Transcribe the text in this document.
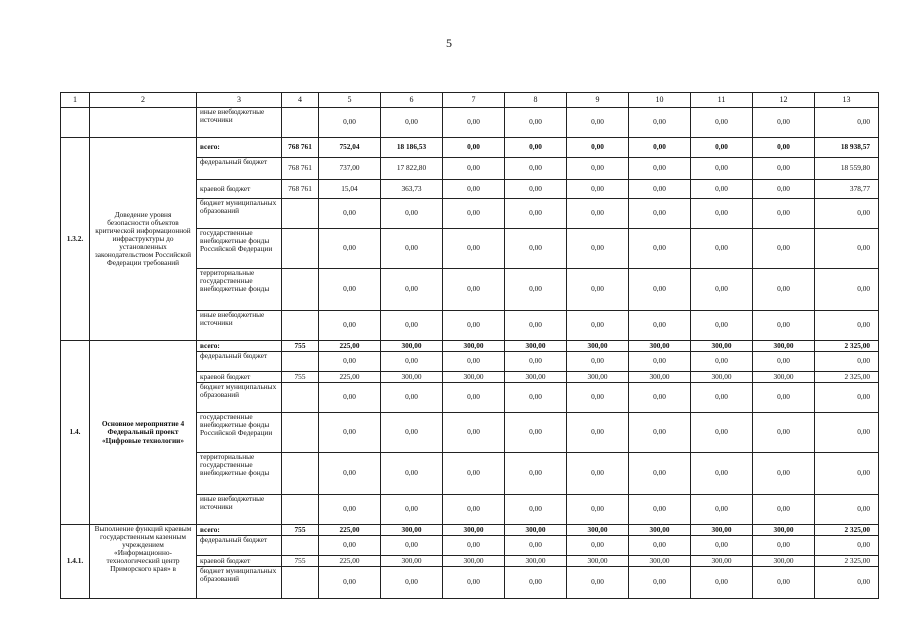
5
1	2	3	4	5	6	7	8	9	10	11	12	13
		иные внебюджетные источники		0,00	0,00	0,00	0,00	0,00	0,00	0,00	0,00	0,00
1.3.2.	Доведение уровня безопасности объектов критической информационной инфраструктуры до установленных законодательством Российской Федерации требований	всего:	768 761	752,04	18 186,53	0,00	0,00	0,00	0,00	0,00	0,00	18 938,57
		федеральный бюджет	768 761	737,00	17 822,80	0,00	0,00	0,00	0,00	0,00	0,00	18 559,80
		краевой бюджет	768 761	15,04	363,73	0,00	0,00	0,00	0,00	0,00	0,00	378,77
		бюджет муниципальных образований		0,00	0,00	0,00	0,00	0,00	0,00	0,00	0,00	0,00
		государственные внебюджетные фонды Российской Федерации		0,00	0,00	0,00	0,00	0,00	0,00	0,00	0,00	0,00
		территориальные государственные внебюджетные фонды		0,00	0,00	0,00	0,00	0,00	0,00	0,00	0,00	0,00
		иные внебюджетные источники		0,00	0,00	0,00	0,00	0,00	0,00	0,00	0,00	0,00
1.4.	Основное мероприятие 4 Федеральный проект «Цифровые технологии»	всего:	755	225,00	300,00	300,00	300,00	300,00	300,00	300,00	300,00	2 325,00
		федеральный бюджет		0,00	0,00	0,00	0,00	0,00	0,00	0,00	0,00	0,00
		краевой бюджет	755	225,00	300,00	300,00	300,00	300,00	300,00	300,00	300,00	2 325,00
		бюджет муниципальных образований		0,00	0,00	0,00	0,00	0,00	0,00	0,00	0,00	0,00
		государственные внебюджетные фонды Российской Федерации		0,00	0,00	0,00	0,00	0,00	0,00	0,00	0,00	0,00
		территориальные государственные внебюджетные фонды		0,00	0,00	0,00	0,00	0,00	0,00	0,00	0,00	0,00
		иные внебюджетные источники		0,00	0,00	0,00	0,00	0,00	0,00	0,00	0,00	0,00
1.4.1.	Выполнение функций краевым государственным казенным учреждением «Информационно-технологический центр Приморского края» в	всего:	755	225,00	300,00	300,00	300,00	300,00	300,00	300,00	300,00	2 325,00
		федеральный бюджет		0,00	0,00	0,00	0,00	0,00	0,00	0,00	0,00	0,00
		краевой бюджет	755	225,00	300,00	300,00	300,00	300,00	300,00	300,00	300,00	2 325,00
		бюджет муниципальных образований		0,00	0,00	0,00	0,00	0,00	0,00	0,00	0,00	0,00
